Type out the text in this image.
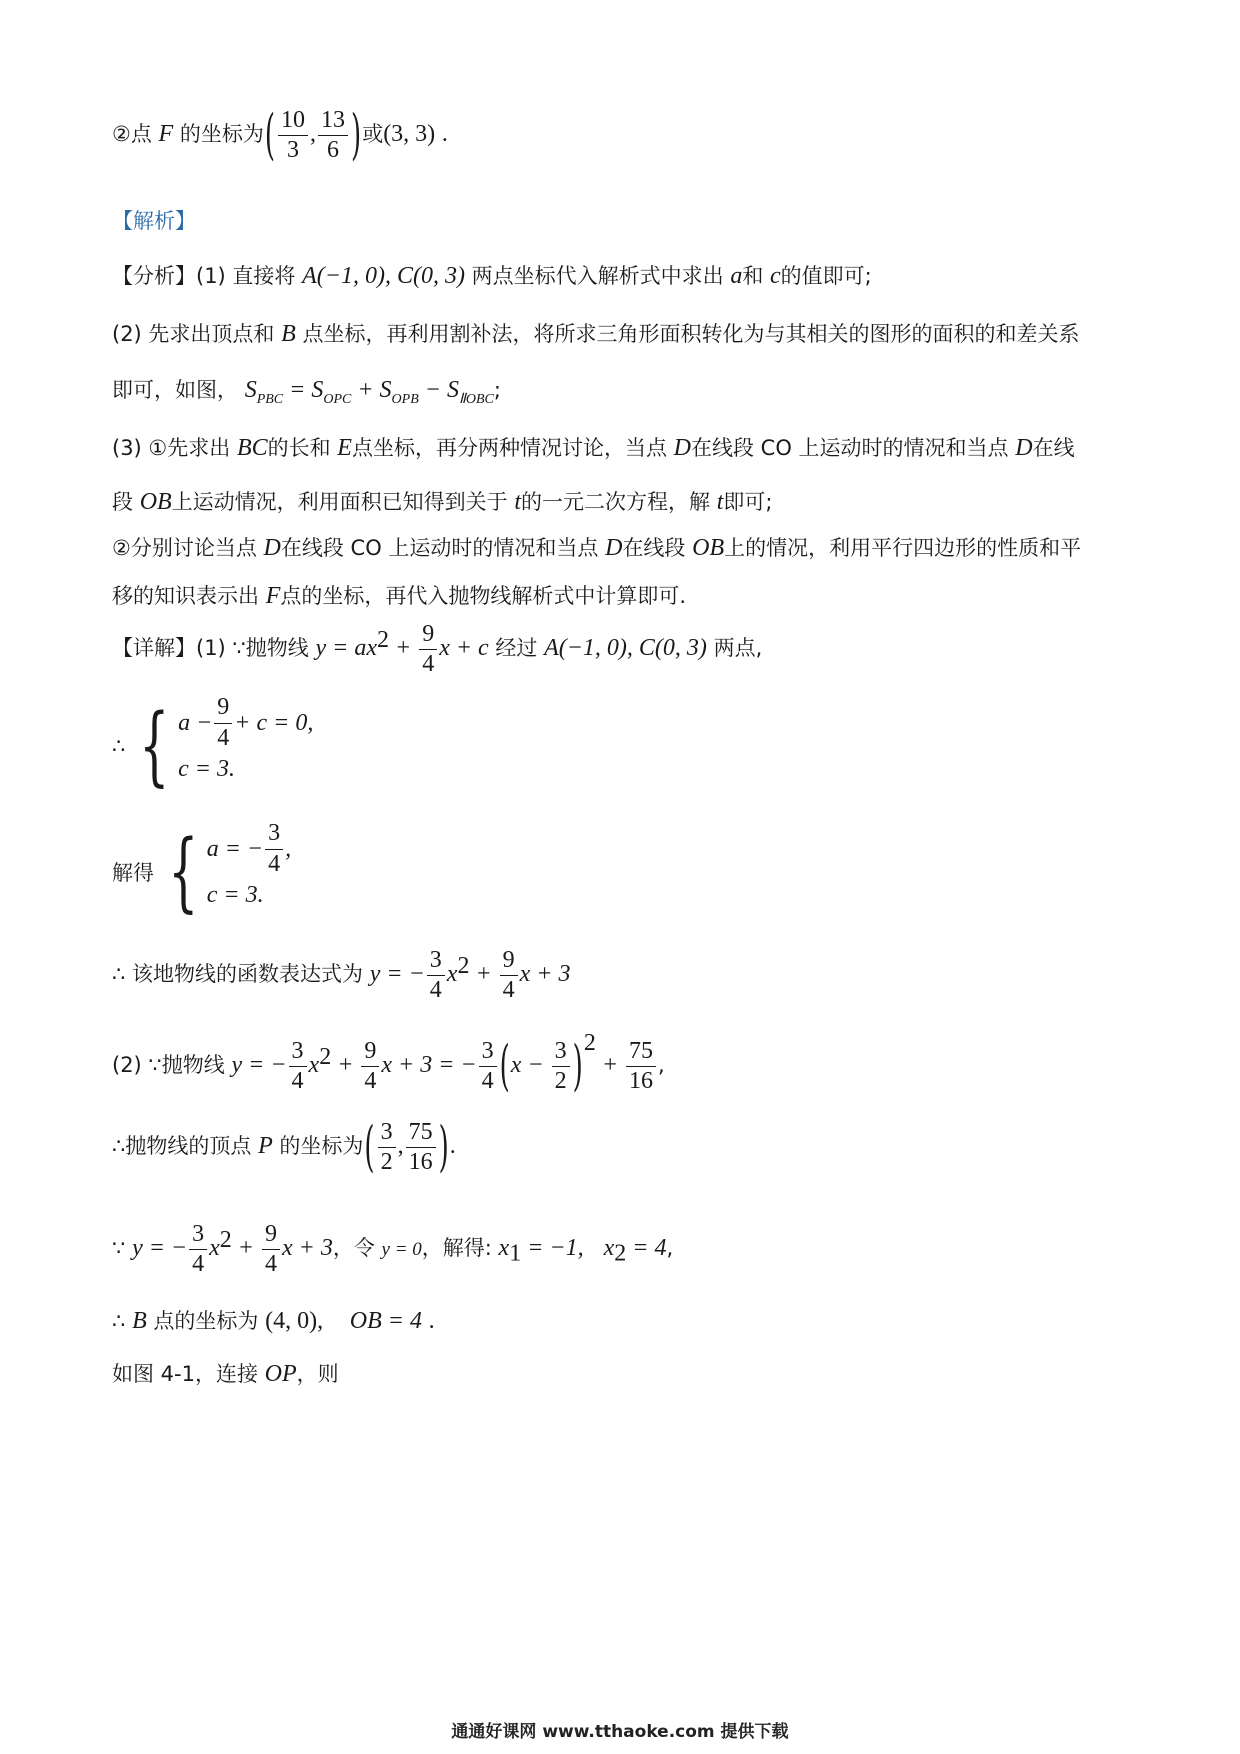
②点 F 的坐标为( $\frac{10}{3}$ , $\frac{13}{6}$ )或(3, 3) .
【解析】
【分析】(1) 直接将 A(−1, 0), C(0, 3) 两点坐标代入解析式中求出 a和 c的值即可;
(2) 先求出顶点和 B 点坐标，再利用割补法，将所求三角形面积转化为与其相关的图形的面积的和差关系
即可，如图， $S_{PBC} = S_{OPC} + S_{OPB} - S_{ⅡOBC}$;
(3) ①先求出 BC的长和 E点坐标，再分两种情况讨论，当点 D在线段 CO 上运动时的情况和当点 D在线
段 OB上运动情况，利用面积已知得到关于 t的一元二次方程，解 t即可;
②分别讨论当点 D在线段 CO 上运动时的情况和当点 D在线段 OB上的情况，利用平行四边形的性质和平
移的知识表示出 F点的坐标，再代入抛物线解析式中计算即可.
【详解】(1) ∵抛物线 $y = ax^2 + \frac{9}{4}$ x + c 经过 A(−1, 0), C(0, 3) 两点,
∴ { $a - \frac{9}{4} + c = 0$,
c = 3.
解得 { a = − $\frac{3}{4}$ ,
c = 3.
∴ 该地物线的函数表达式为 y = − $\frac{3}{4} x^2 + \frac{9}{4}$ x + 3
(2) ∵抛物线 y = − $\frac{3}{4} x^2 + \frac{9}{4}$ x + 3 = − $\frac{3}{4} (x - \frac{3}{2} )^2 + \frac{75}{16}$ ,
∴抛物线的顶点 P 的坐标为( $\frac{3}{2}$ , $\frac{75}{16}$ ).
∵ y = − $\frac{3}{4} x^2 + \frac{9}{4}$ x + 3，令 y = 0，解得: $x_1 = -1$, $x_2 = 4$,
∴ B 点的坐标为 (4, 0), OB = 4 .
如图 4-1，连接 OP，则
通通好课网 www.tthaoke.com 提供下载
